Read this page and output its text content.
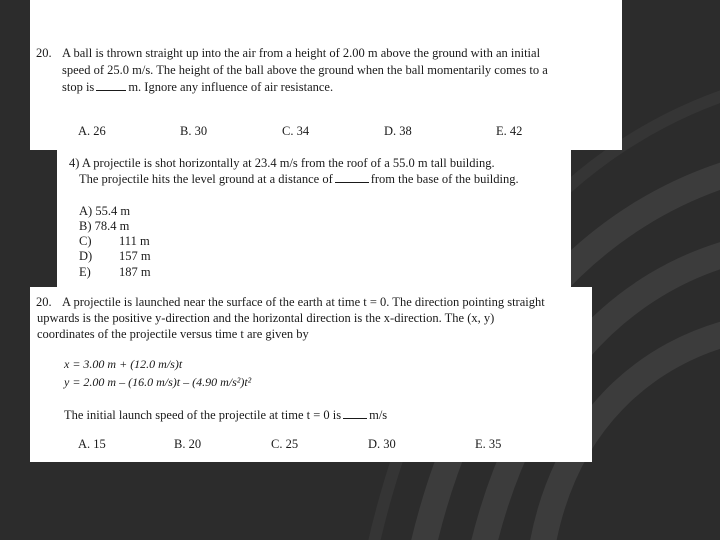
20. A ball is thrown straight up into the air from a height of 2.00 m above the ground with an initial
speed of 25.0 m/s. The height of the ball above the ground when the ball momentarily comes to a
stop is	m. Ignore any influence of air resistance.
A. 26	B. 30	C. 34	D. 38	E. 42
4) A projectile is shot horizontally at 23.4 m/s from the roof of a 55.0 m tall building.
The projectile hits the level ground at a distance of	from the base of the building.
A) 55.4 m
B) 78.4 m
C) 111 m
D) 157 m
E) 187 m
20. A projectile is launched near the surface of the earth at time t = 0. The direction pointing straight
upwards is the positive y-direction and the horizontal direction is the x-direction. The (x, y)
coordinates of the projectile versus time t are given by
x = 3.00 m + (12.0 m/s)t
y = 2.00 m – (16.0 m/s)t – (4.90 m/s²)t²
The initial launch speed of the projectile at time t = 0 is m/s
A. 15	B. 20	C. 25	D. 30	E. 35
